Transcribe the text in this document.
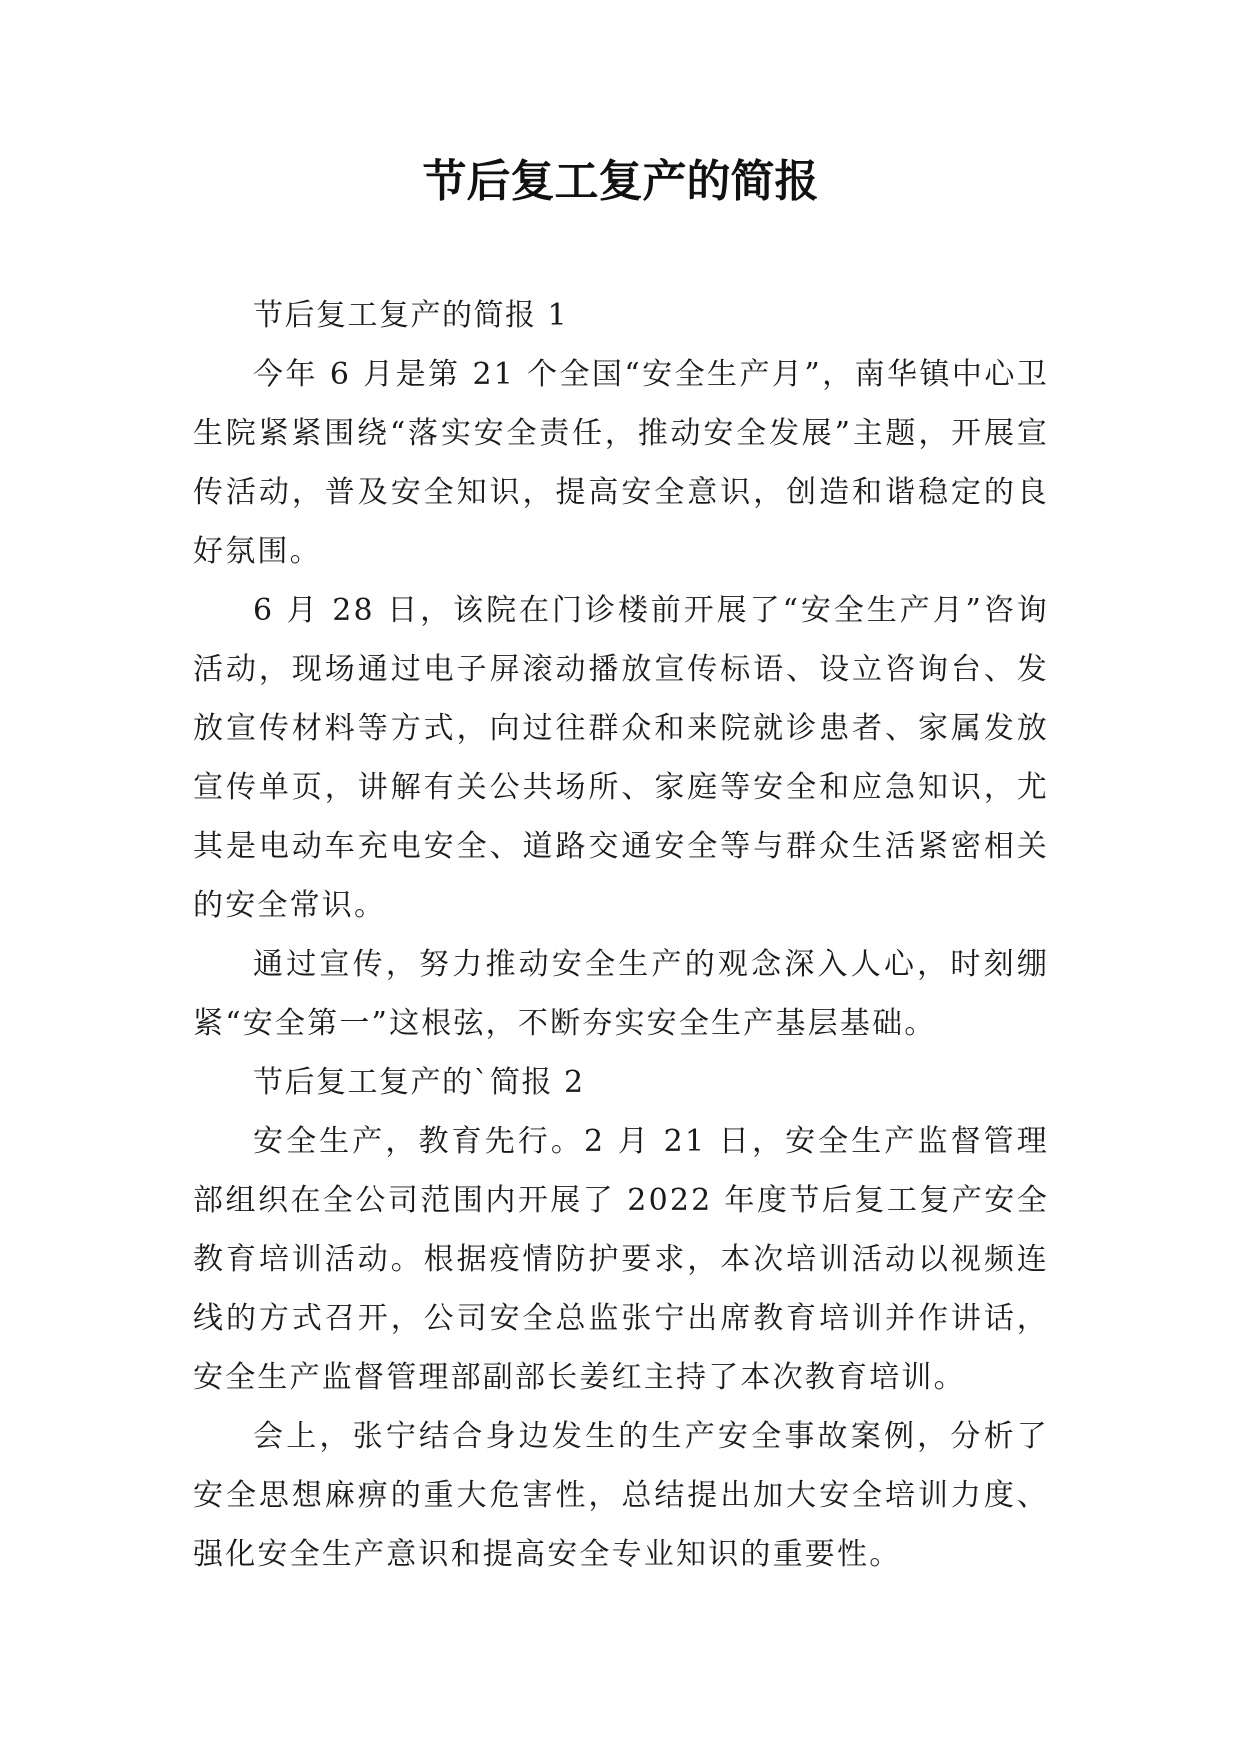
节后复工复产的简报

节后复工复产的简报 1

今年 6 月是第 21 个全国“安全生产月”，南华镇中心卫生院紧紧围绕“落实安全责任，推动安全发展”主题，开展宣传活动，普及安全知识，提高安全意识，创造和谐稳定的良好氛围。

6 月 28 日，该院在门诊楼前开展了“安全生产月”咨询活动，现场通过电子屏滚动播放宣传标语、设立咨询台、发放宣传材料等方式，向过往群众和来院就诊患者、家属发放宣传单页，讲解有关公共场所、家庭等安全和应急知识，尤其是电动车充电安全、道路交通安全等与群众生活紧密相关的安全常识。

通过宣传，努力推动安全生产的观念深入人心，时刻绷紧“安全第一”这根弦，不断夯实安全生产基层基础。

节后复工复产的`简报 2

安全生产，教育先行。2 月 21 日，安全生产监督管理部组织在全公司范围内开展了 2022 年度节后复工复产安全教育培训活动。根据疫情防护要求，本次培训活动以视频连线的方式召开，公司安全总监张宁出席教育培训并作讲话，安全生产监督管理部副部长姜红主持了本次教育培训。

会上，张宁结合身边发生的生产安全事故案例，分析了安全思想麻痹的重大危害性，总结提出加大安全培训力度、强化安全生产意识和提高安全专业知识的重要性。
